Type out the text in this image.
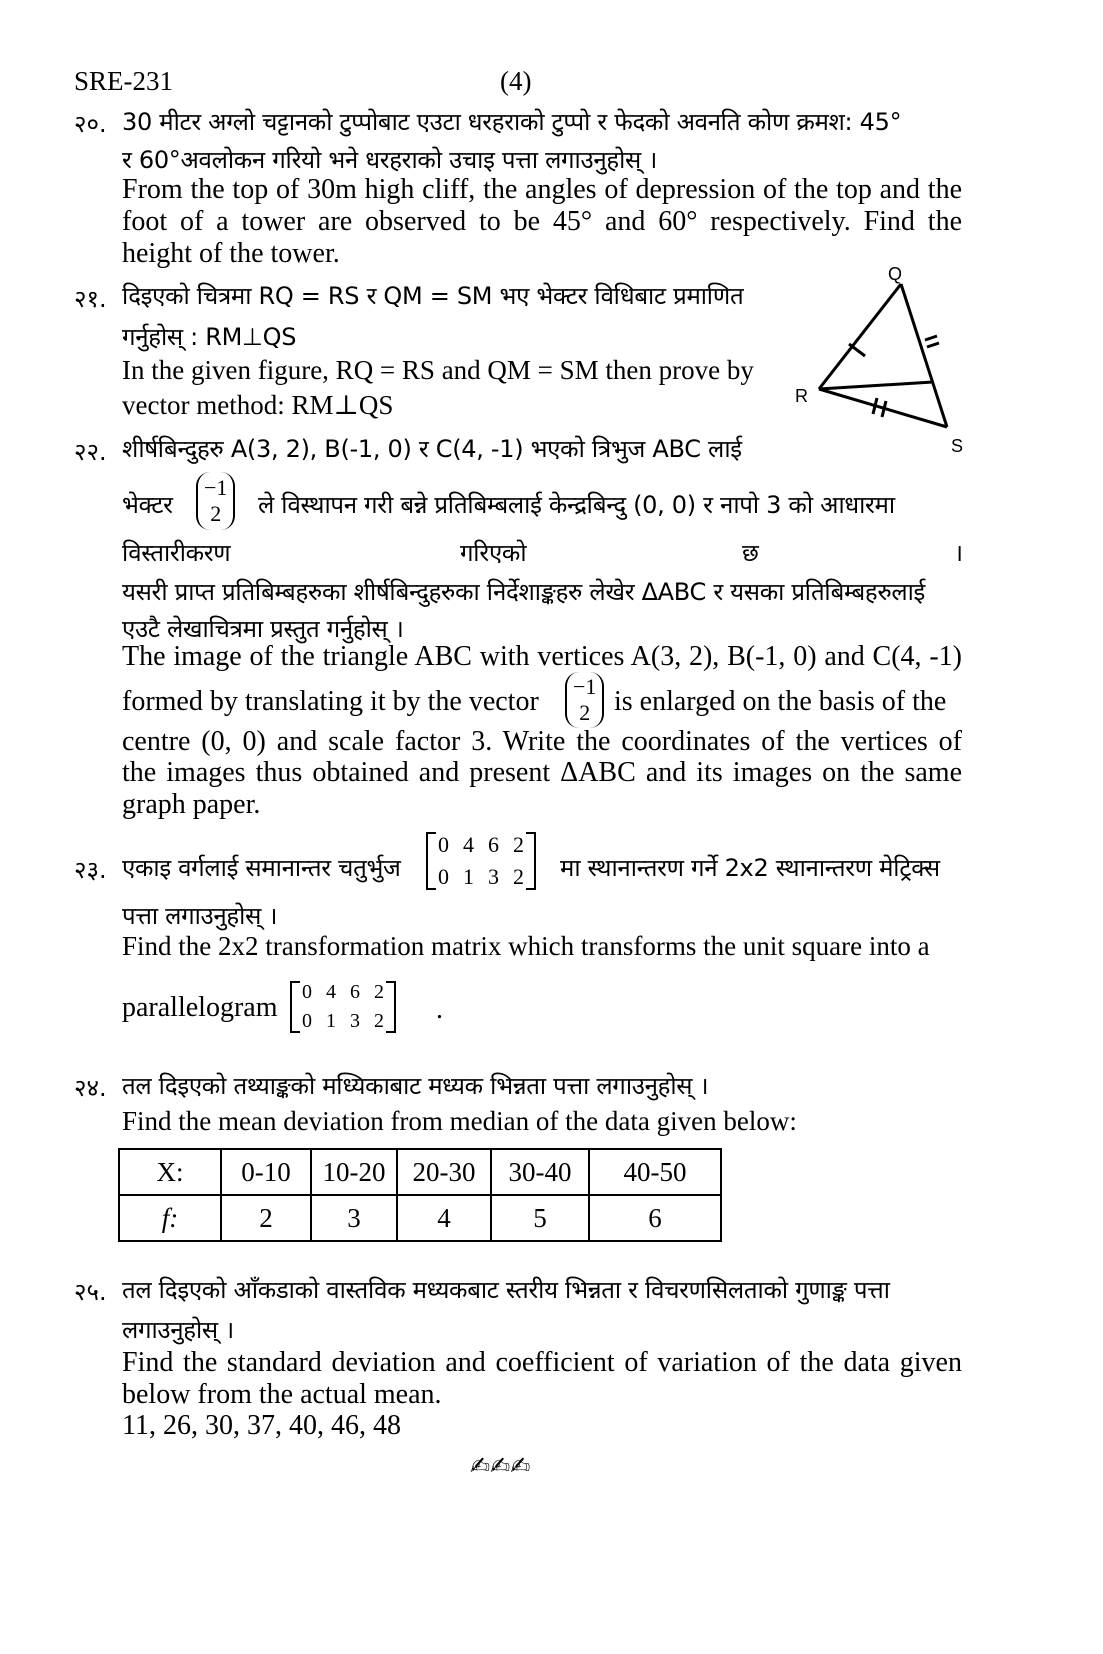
SRE-231	(4)
२०. 30 मीटर अग्लो चट्टानको टुप्पोबाट एउटा धरहराको टुप्पो र फेदको अवनति कोण क्रमश: 45°
र 60°अवलोकन गरियो भने धरहराको उचाइ पत्ता लगाउनुहोस् ।
From the top of 30m high cliff, the angles of depression of the top and the
foot of a tower are observed to be 45° and 60° respectively. Find the
height of the tower.
२१. दिइएको चित्रमा RQ = RS र QM = SM भए भेक्टर विधिबाट प्रमाणित
गर्नुहोस् : RM⊥QS
In the given figure, RQ = RS and QM = SM then prove by
vector method: RM⊥QS
Q
R
S
२२. शीर्षबिन्दुहरु A(3, 2), B(-1, 0) र C(4, -1) भएको त्रिभुज ABC लाई
भेक्टर
−1
2 ले विस्थापन गरी बन्ने प्रतिबिम्बलाई केन्द्रबिन्दु (0, 0) र नापो 3 को आधारमा
विस्तारीकरण	गरिएको	छ	।
यसरी प्राप्त प्रतिबिम्बहरुका शीर्षबिन्दुहरुका निर्देशाङ्कहरु लेखेर ΔABC र यसका प्रतिबिम्बहरुलाई
एउटै लेखाचित्रमा प्रस्तुत गर्नुहोस् ।
The image of the triangle ABC with vertices A(3, 2), B(-1, 0) and C(4, -1)
formed by translating it by the vector −1
2 is enlarged on the basis of the
centre (0, 0) and scale factor 3. Write the coordinates of the vertices of
the images thus obtained and present ΔABC and its images on the same
graph paper.
२३. एकाइ वर्गलाई समानान्तर चतुर्भुज
0 4 6 2
0 1 3 2 मा स्थानान्तरण गर्ने 2x2 स्थानान्तरण मेट्रिक्स
पत्ता लगाउनुहोस् ।
Find the 2x2 transformation matrix which transforms the unit square into a
parallelogram 0 4 6 2
0 1 3 2 .
२४. तल दिइएको तथ्याङ्कको मध्यिकाबाट मध्यक भिन्नता पत्ता लगाउनुहोस् ।
Find the mean deviation from median of the data given below:
X:	0-10	10-20	20-30	30-40	40-50
f:	2	3	4	5	6
२५. तल दिइएको आँकडाको वास्तविक मध्यकबाट स्तरीय भिन्नता र विचरणसिलताको गुणाङ्क पत्ता
लगाउनुहोस् ।
Find the standard deviation and coefficient of variation of the data given
below from the actual mean.
11, 26, 30, 37, 40, 46, 48
✍✍✍
